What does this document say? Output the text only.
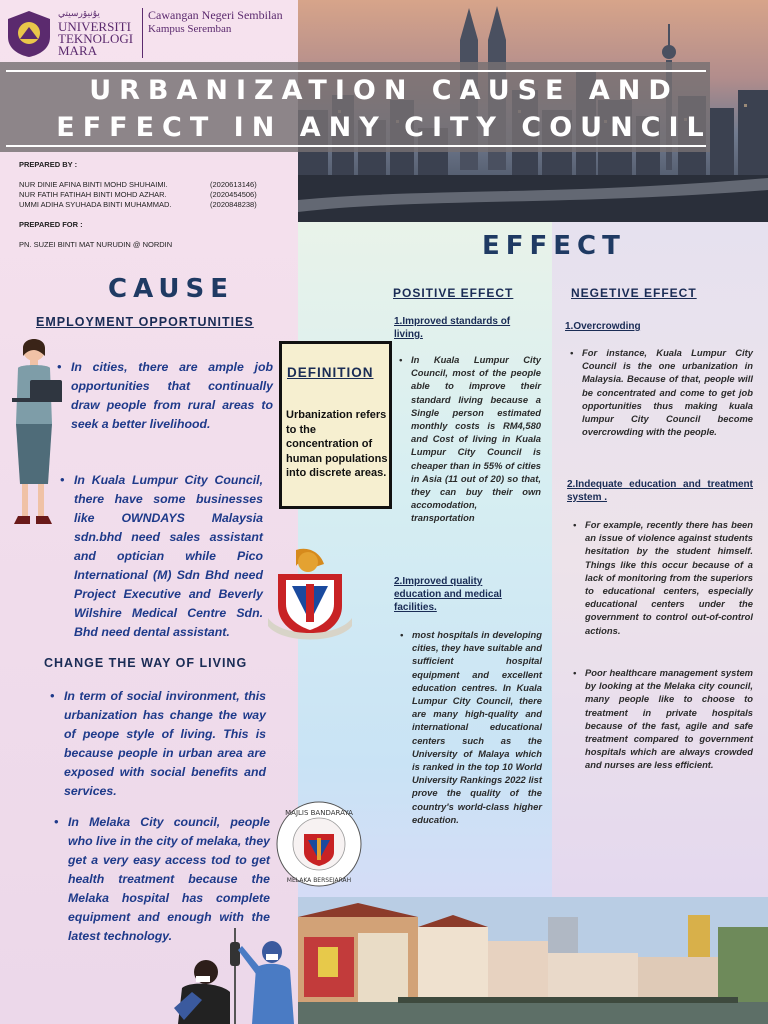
ﯾﯘﻧﯿﯚﺭﺳﯿﺘﻲ
UNIVERSITI
TEKNOLOGI
MARA
Cawangan Negeri Sembilan
Kampus Seremban
URBANIZATION CAUSE AND
EFFECT IN ANY CITY COUNCIL
PREPARED BY :
NUR DINIE AFINA BINTI MOHD SHUHAIMI.	(2020613146)
NUR FATIH FATIHAH BINTI MOHD AZHAR.	(2020454506)
UMMI ADIHA SYUHADA BINTI MUHAMMAD.	(2020848238)
PREPARED FOR :
PN. SUZEI BINTI MAT NURUDIN @ NORDIN
CAUSE
EFFECT
EMPLOYMENT OPPORTUNITIES
• In cities, there are ample job opportunities that continually draw people from rural areas to seek a better livelihood.
• In Kuala Lumpur City Council, there have some businesses like OWNDAYS Malaysia sdn.bhd need sales assistant and optician while Pico International (M) Sdn Bhd need Project Executive and Beverly Wilshire Medical Centre Sdn. Bhd need dental assistant.
CHANGE THE WAY OF LIVING
• In term of social invironment, this urbanization has change the way of peope style of living. This is because people in urban area are exposed with social benefits and services.
• In Melaka City council, people who live in the city of melaka, they get a very easy access tod to get health treatment because the Melaka hospital has complete equipment and enough with the latest technology.
DEFINITION
Urbanization refers to the concentration of human populations into discrete areas.
MAJLIS BANDARAYA
MELAKA BERSEJARAH
POSITIVE EFFECT	NEGETIVE EFFECT
1.Improved standards of living.
• In Kuala Lumpur City Council, most of the people able to improve their standard living because a Single person estimated monthly costs is RM4,580 and Cost of living in Kuala Lumpur City Council is cheaper than in 55% of cities in Asia (11 out of 20) so that, they can buy their own accomodation, transportation
2.Improved quality education and medical facilities.
• most hospitals in developing cities, they have suitable and sufficient hospital equipment and excellent education centres. In Kuala Lumpur City Council, there are many high-quality and international educational centers such as the University of Malaya which is ranked in the top 10 World University Rankings 2022 list prove the quality of the country's world-class higher education.
1.Overcrowding
• For instance, Kuala Lumpur City Council is the one urbanization in Malaysia. Because of that, people will be concentrated and come to get job opportunities thus making kuala lumpur City Council become overcrowding with the people.
2.Indequate education and treatment system .
• For example, recently there has been an issue of violence against students hesitation by the student himself. Things like this occur because of a lack of monitoring from the superiors to educational centers, especially educational centers under the government to control out-of-control actions.
• Poor healthcare management system by looking at the Melaka city council, many people like to choose to treatment in private hospitals because of the fast, agile and safe treatment compared to government hospitals which are always crowded and nurses are less efficient.
